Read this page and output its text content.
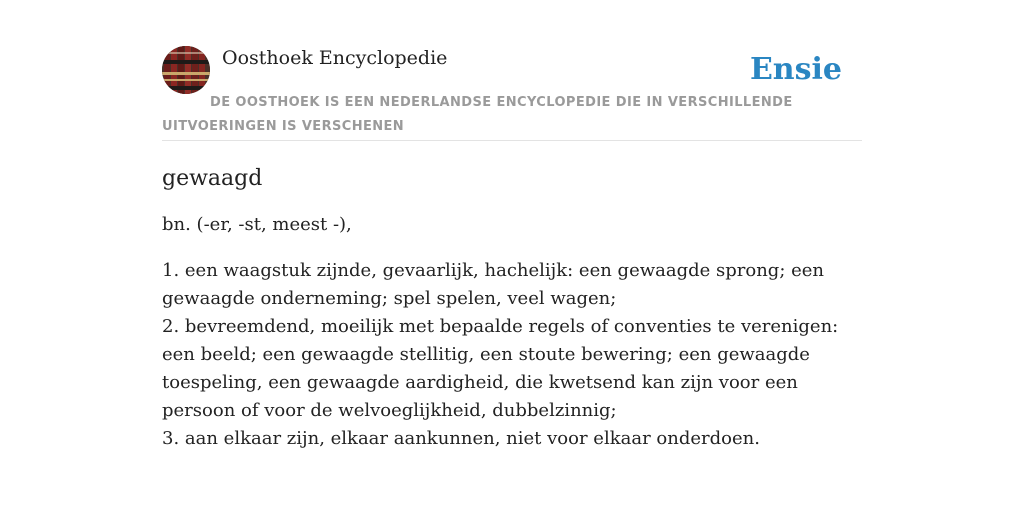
Oosthoek Encyclopedie	Ensie
DE OOSTHOEK IS EEN NEDERLANDSE ENCYCLOPEDIE DIE IN VERSCHILLENDE UITVOERINGEN IS VERSCHENEN
gewaagd

bn. (-er, -st, meest -),

1. een waagstuk zijnde, gevaarlijk, hachelijk: een gewaagde sprong; een gewaagde onderneming; spel spelen, veel wagen;
2. bevreemdend, moeilijk met bepaalde regels of conventies te verenigen: een beeld; een gewaagde stellitig, een stoute bewering; een gewaagde toespeling, een gewaagde aardigheid, die kwetsend kan zijn voor een persoon of voor de welvoeglijkheid, dubbelzinnig;
3. aan elkaar zijn, elkaar aankunnen, niet voor elkaar onderdoen.
